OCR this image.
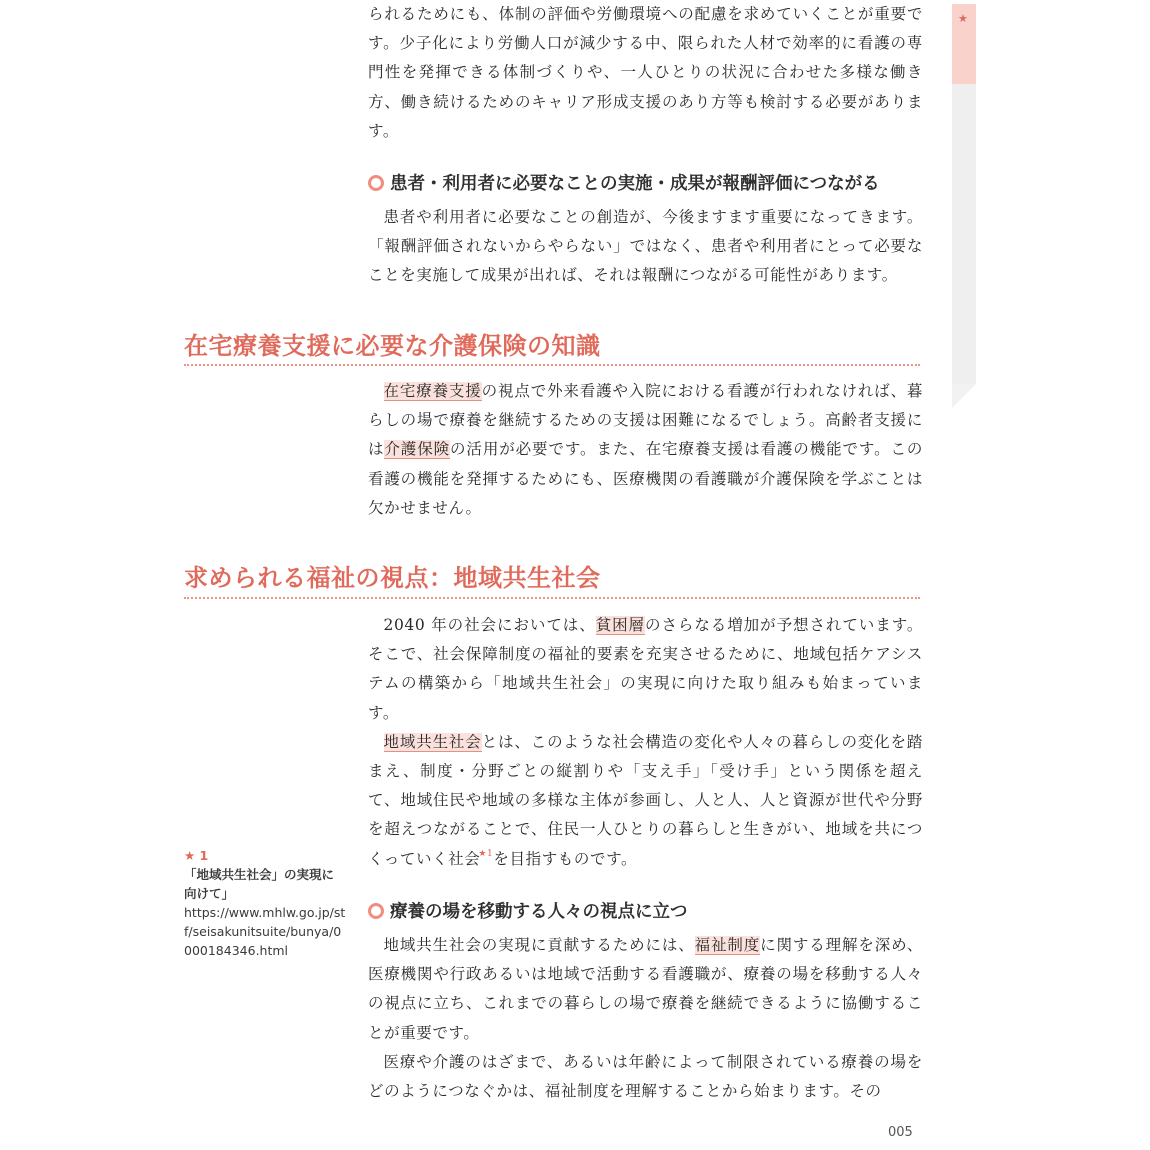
られるためにも、体制の評価や労働環境への配慮を求めていくことが重要です。少子化により労働人口が減少する中、限られた人材で効率的に看護の専門性を発揮できる体制づくりや、一人ひとりの状況に合わせた多様な働き方、働き続けるためのキャリア形成支援のあり方等も検討する必要があります。

患者・利用者に必要なことの実施・成果が報酬評価につながる

患者や利用者に必要なことの創造が、今後ますます重要になってきます。「報酬評価されないからやらない」ではなく、患者や利用者にとって必要なことを実施して成果が出れば、それは報酬につながる可能性があります。

在宅療養支援に必要な介護保険の知識

在宅療養支援の視点で外来看護や入院における看護が行われなければ、暮らしの場で療養を継続するための支援は困難になるでしょう。高齢者支援には介護保険の活用が必要です。また、在宅療養支援は看護の機能です。この看護の機能を発揮するためにも、医療機関の看護職が介護保険を学ぶことは欠かせません。

求められる福祉の視点：地域共生社会

2040 年の社会においては、貧困層のさらなる増加が予想されています。そこで、社会保障制度の福祉的要素を充実させるために、地域包括ケアシステムの構築から「地域共生社会」の実現に向けた取り組みも始まっています。

地域共生社会とは、このような社会構造の変化や人々の暮らしの変化を踏まえ、制度・分野ごとの縦割りや「支え手」「受け手」という関係を超えて、地域住民や地域の多様な主体が参画し、人と人、人と資源が世代や分野を超えつながることで、住民一人ひとりの暮らしと生きがい、地域を共につくっていく社会$^{★1}$を目指すものです。

★ 1
「地域共生社会」の実現に向けて」
https://www.mhlw.go.jp/stf/seisakunitsuite/bunya/0000184346.html
療養の場を移動する人々の視点に立つ

地域共生社会の実現に貢献するためには、福祉制度に関する理解を深め、医療機関や行政あるいは地域で活動する看護職が、療養の場を移動する人々の視点に立ち、これまでの暮らしの場で療養を継続できるように協働することが重要です。

医療や介護のはざまで、あるいは年齢によって制限されている療養の場をどのようにつなぐかは、福祉制度を理解することから始まります。その

005
★
